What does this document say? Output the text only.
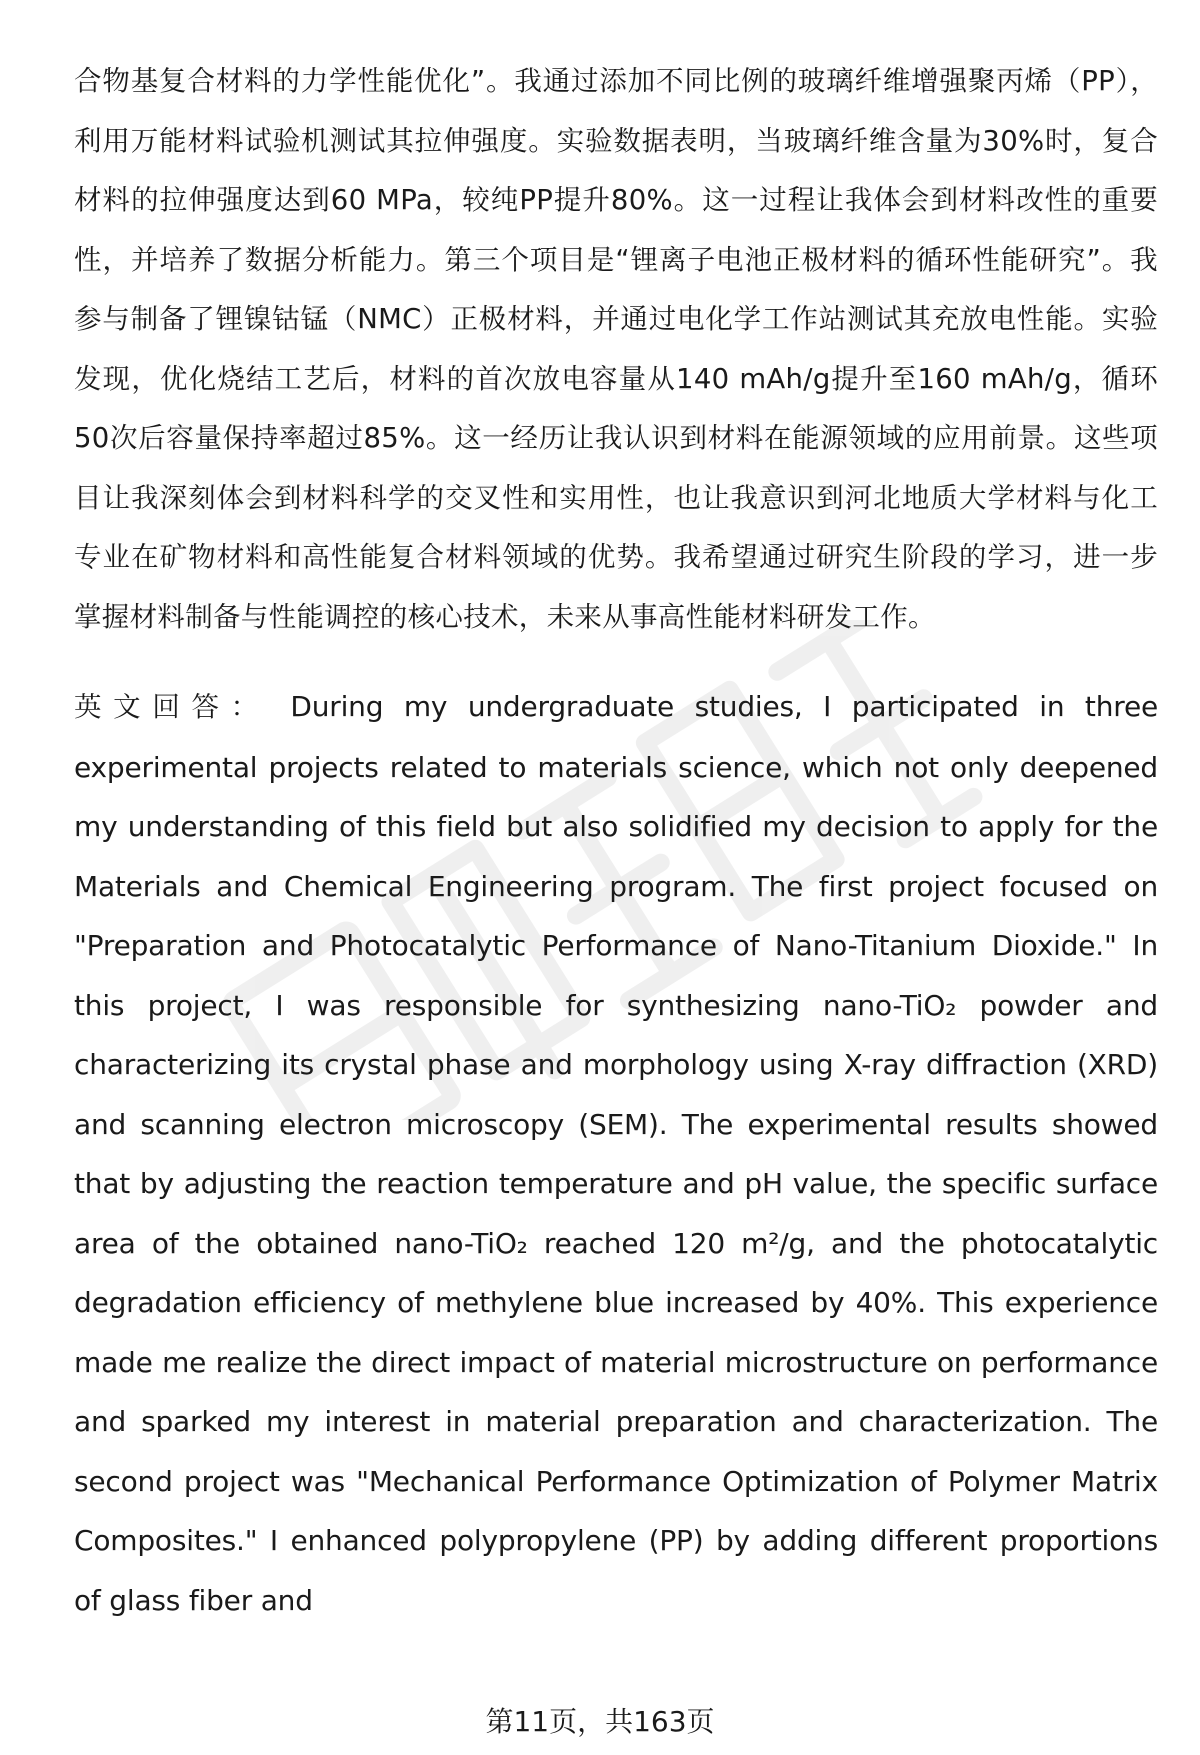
合物基复合材料的力学性能优化”。我通过添加不同比例的玻璃纤维增强聚丙烯（PP），利用万能材料试验机测试其拉伸强度。实验数据表明，当玻璃纤维含量为30%时，复合材料的拉伸强度达到60 MPa，较纯PP提升80%。这一过程让我体会到材料改性的重要性，并培养了数据分析能力。第三个项目是“锂离子电池正极材料的循环性能研究”。我参与制备了锂镍钴锰（NMC）正极材料，并通过电化学工作站测试其充放电性能。实验发现，优化烧结工艺后，材料的首次放电容量从140 mAh/g提升至160 mAh/g，循环50次后容量保持率超过85%。这一经历让我认识到材料在能源领域的应用前景。这些项目让我深刻体会到材料科学的交叉性和实用性，也让我意识到河北地质大学材料与化工专业在矿物材料和高性能复合材料领域的优势。我希望通过研究生阶段的学习，进一步掌握材料制备与性能调控的核心技术，未来从事高性能材料研发工作。

英文回答： During my undergraduate studies, I participated in three experimental projects related to materials science, which not only deepened my understanding of this field but also solidified my decision to apply for the Materials and Chemical Engineering program. The first project focused on "Preparation and Photocatalytic Performance of Nano-Titanium Dioxide." In this project, I was responsible for synthesizing nano-TiO₂ powder and characterizing its crystal phase and morphology using X-ray diffraction (XRD) and scanning electron microscopy (SEM). The experimental results showed that by adjusting the reaction temperature and pH value, the specific surface area of the obtained nano-TiO₂ reached 120 m²/g, and the photocatalytic degradation efficiency of methylene blue increased by 40%. This experience made me realize the direct impact of material microstructure on performance and sparked my interest in material preparation and characterization. The second project was "Mechanical Performance Optimization of Polymer Matrix Composites." I enhanced polypropylene (PP) by adding different proportions of glass fiber and

第11页，共163页
